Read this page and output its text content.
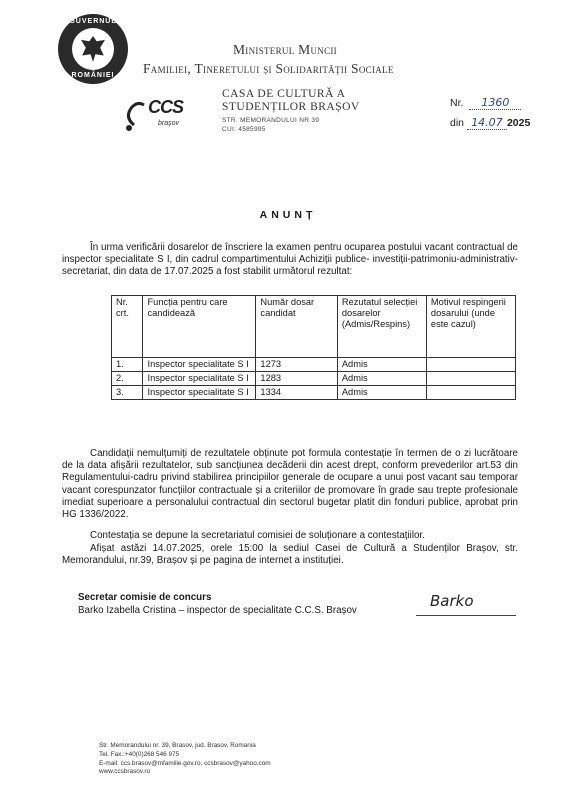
GUVERNUL
ROMÂNIEI
Ministerul Muncii
Familiei, Tineretului și Solidarității Sociale
CCS
brașov
CASA DE CULTURĂ A
STUDENȚILOR BRAȘOV
STR. MEMORANDULUI NR 39
CUI: 4585995
Nr. 1360
din 14.07 2025
ANUNȚ
În urma verificării dosarelor de înscriere la examen pentru ocuparea postului vacant contractual de inspector specialitate S I, din cadrul compartimentului Achiziții publice- investiții-patrimoniu-administrativ-secretariat, din data de 17.07.2025 a fost stabilit următorul rezultat:
Nr. crt.	Funcția pentru care candidează	Număr dosar candidat	Rezutatul selecției dosarelor (Admis/Respins)	Motivul respingerii dosarului (unde este cazul)
1.	Inspector specialitate S I	1273	Admis	
2.	Inspector specialitate S I	1283	Admis	
3.	Inspector specialitate S I	1334	Admis	
Candidații nemulțumiți de rezultatele obținute pot formula contestație în termen de o zi lucrătoare de la data afișării rezultatelor, sub sancțiunea decăderii din acest drept, conform prevederilor art.53 din Regulamentului-cadru privind stabilirea principiilor generale de ocupare a unui post vacant sau temporar vacant corespunzator funcțiilor contractuale și a criteriilor de promovare în grade sau trepte profesionale imediat superioare a personalului contractual din sectorul bugetar platit din fonduri publice, aprobat prin HG 1336/2022.
Contestația se depune la secretariatul comisiei de soluționare a contestațiilor.
Afișat astăzi 14.07.2025, orele 15:00 la sediul Casei de Cultură a Studenților Brașov, str. Memorandului, nr.39, Brașov și pe pagina de internet a instituției.
Secretar comisie de concurs
Barko Izabella Cristina – inspector de specialitate C.C.S. Brașov
Barko
Str. Memorandului nr. 39, Brasov, jud. Brasov, Romania
Tel. Fax.:+40(0)268 546 975
E-mail: ccs.brasov@mfamilie.gov.ro, ccsbrasov@yahoo.com
www.ccsbrasov.ro
